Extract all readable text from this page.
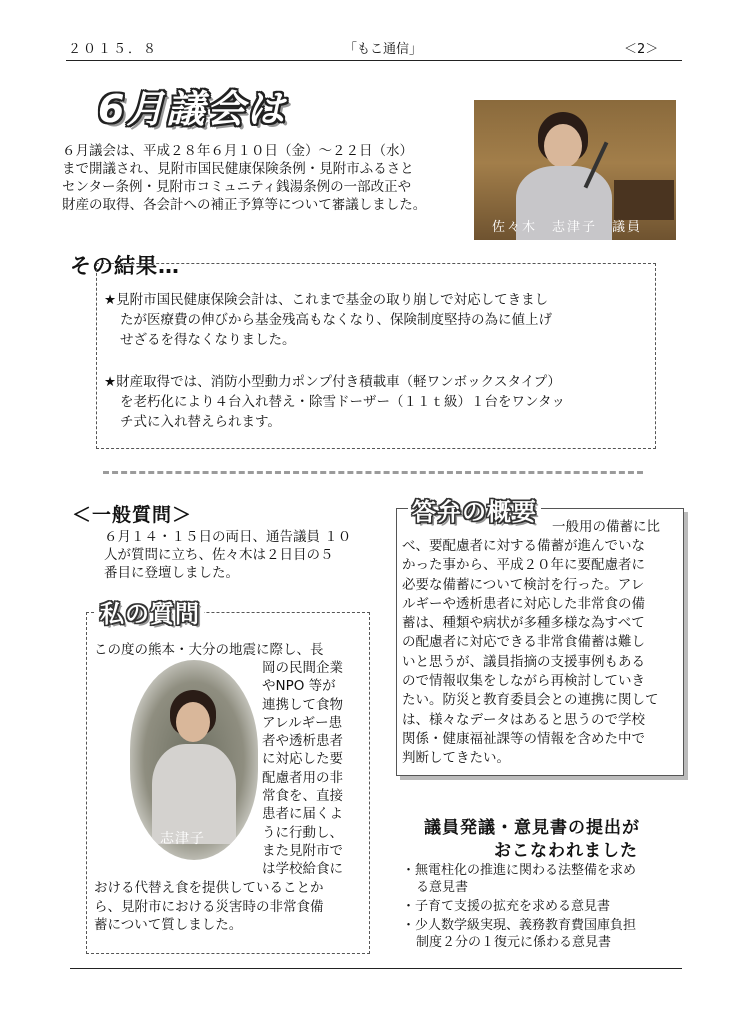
２０１５．８	「もこ通信」	＜2＞
6月議会は
６月議会は、平成２８年６月１０日（金）〜２２日（水）
まで開議され、見附市国民健康保険条例・見附市ふるさと
センター条例・見附市コミュニティ銭湯条例の一部改正や
財産の取得、各会計への補正予算等について審議しました。
佐々木　志津子　議員
その結果…
★見附市国民健康保険会計は、これまで基金の取り崩しで対応してきまし
たが医療費の伸びから基金残高もなくなり、保険制度堅持の為に値上げ
せざるを得なくなりました。
★財産取得では、消防小型動力ポンプ付き積載車（軽ワンボックスタイプ）
を老朽化により４台入れ替え・除雪ドーザー（１１ｔ級）１台をワンタッ
チ式に入れ替えられます。
＜一般質問＞
６月１４・１５日の両日、通告議員 １０
人が質問に立ち、佐々木は２日目の５
番目に登壇しました。
私の質問
この度の熊本・大分の地震に際し、長
岡の民間企業
やNPO 等が
連携して食物
アレルギー患
者や透析患者
に対応した要
配慮者用の非
常食を、直接
患者に届くよ
うに行動し、
また見附市で
は学校給食に
おける代替え食を提供していることか
ら、見附市における災害時の非常食備
蓄について質しました。
志津子
答弁の概要
一般用の備蓄に比
べ、要配慮者に対する備蓄が進んでいな
かった事から、平成２０年に要配慮者に
必要な備蓄について検討を行った。アレ
ルギーや透析患者に対応した非常食の備
蓄は、種類や病状が多種多様な為すべて
の配慮者に対応できる非常食備蓄は難し
いと思うが、議員指摘の支援事例もある
ので情報収集をしながら再検討していき
たい。防災と教育委員会との連携に関して
は、様々なデータはあると思うので学校
関係・健康福祉課等の情報を含めた中で
判断してきたい。
議員発議・意見書の提出が
おこなわれました
・無電柱化の推進に関わる法整備を求め
る意見書
・子育て支援の拡充を求める意見書
・少人数学級実現、義務教育費国庫負担
制度２分の１復元に係わる意見書
